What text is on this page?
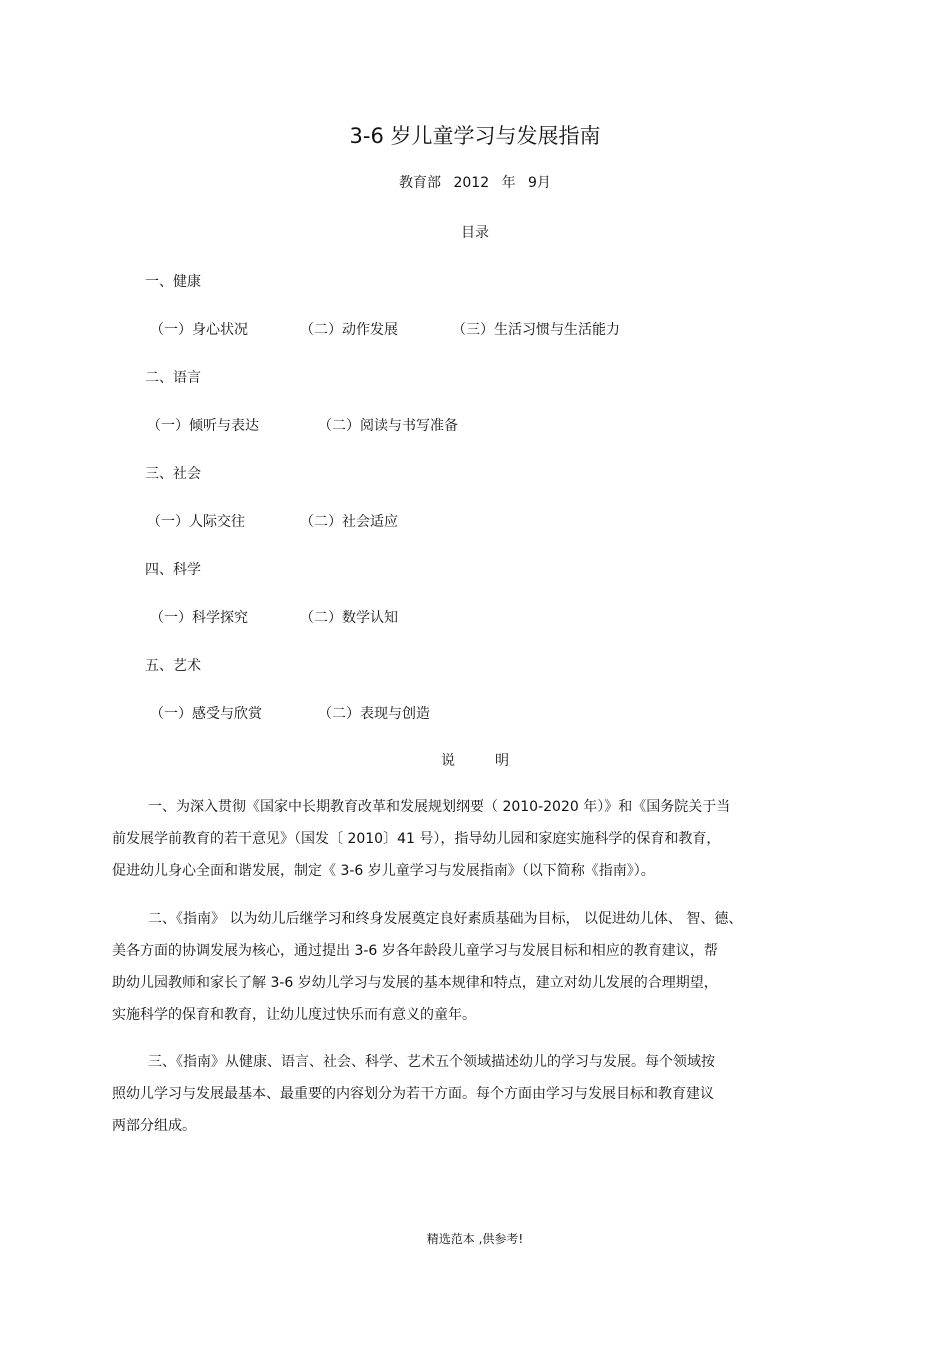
3-6 岁儿童学习与发展指南
教育部 2012 年 9月
目录
一、健康
（一）身心状况	（二）动作发展	（三）生活习惯与生活能力
二、语言
（一）倾听与表达	（二）阅读与书写准备
三、社会
（一）人际交往	（二）社会适应
四、科学
（一）科学探究	（二）数学认知
五、艺术
（一）感受与欣赏	（二）表现与创造
说明
一、为深入贯彻《国家中长期教育改革和发展规划纲要（ 2010-2020 年）》和《国务院关于当
前发展学前教育的若干意见》（国发〔 2010〕41 号），指导幼儿园和家庭实施科学的保育和教育，
促进幼儿身心全面和谐发展，制定《 3-6 岁儿童学习与发展指南》（以下简称《指南》）。
二、《指南》 以为幼儿后继学习和终身发展奠定良好素质基础为目标， 以促进幼儿体、 智、德、
美各方面的协调发展为核心，通过提出 3-6 岁各年龄段儿童学习与发展目标和相应的教育建议，帮
助幼儿园教师和家长了解 3-6 岁幼儿学习与发展的基本规律和特点，建立对幼儿发展的合理期望，
实施科学的保育和教育，让幼儿度过快乐而有意义的童年。
三、《指南》从健康、语言、社会、科学、艺术五个领域描述幼儿的学习与发展。每个领域按
照幼儿学习与发展最基本、最重要的内容划分为若干方面。每个方面由学习与发展目标和教育建议
两部分组成。
精选范本 ,供参考!
